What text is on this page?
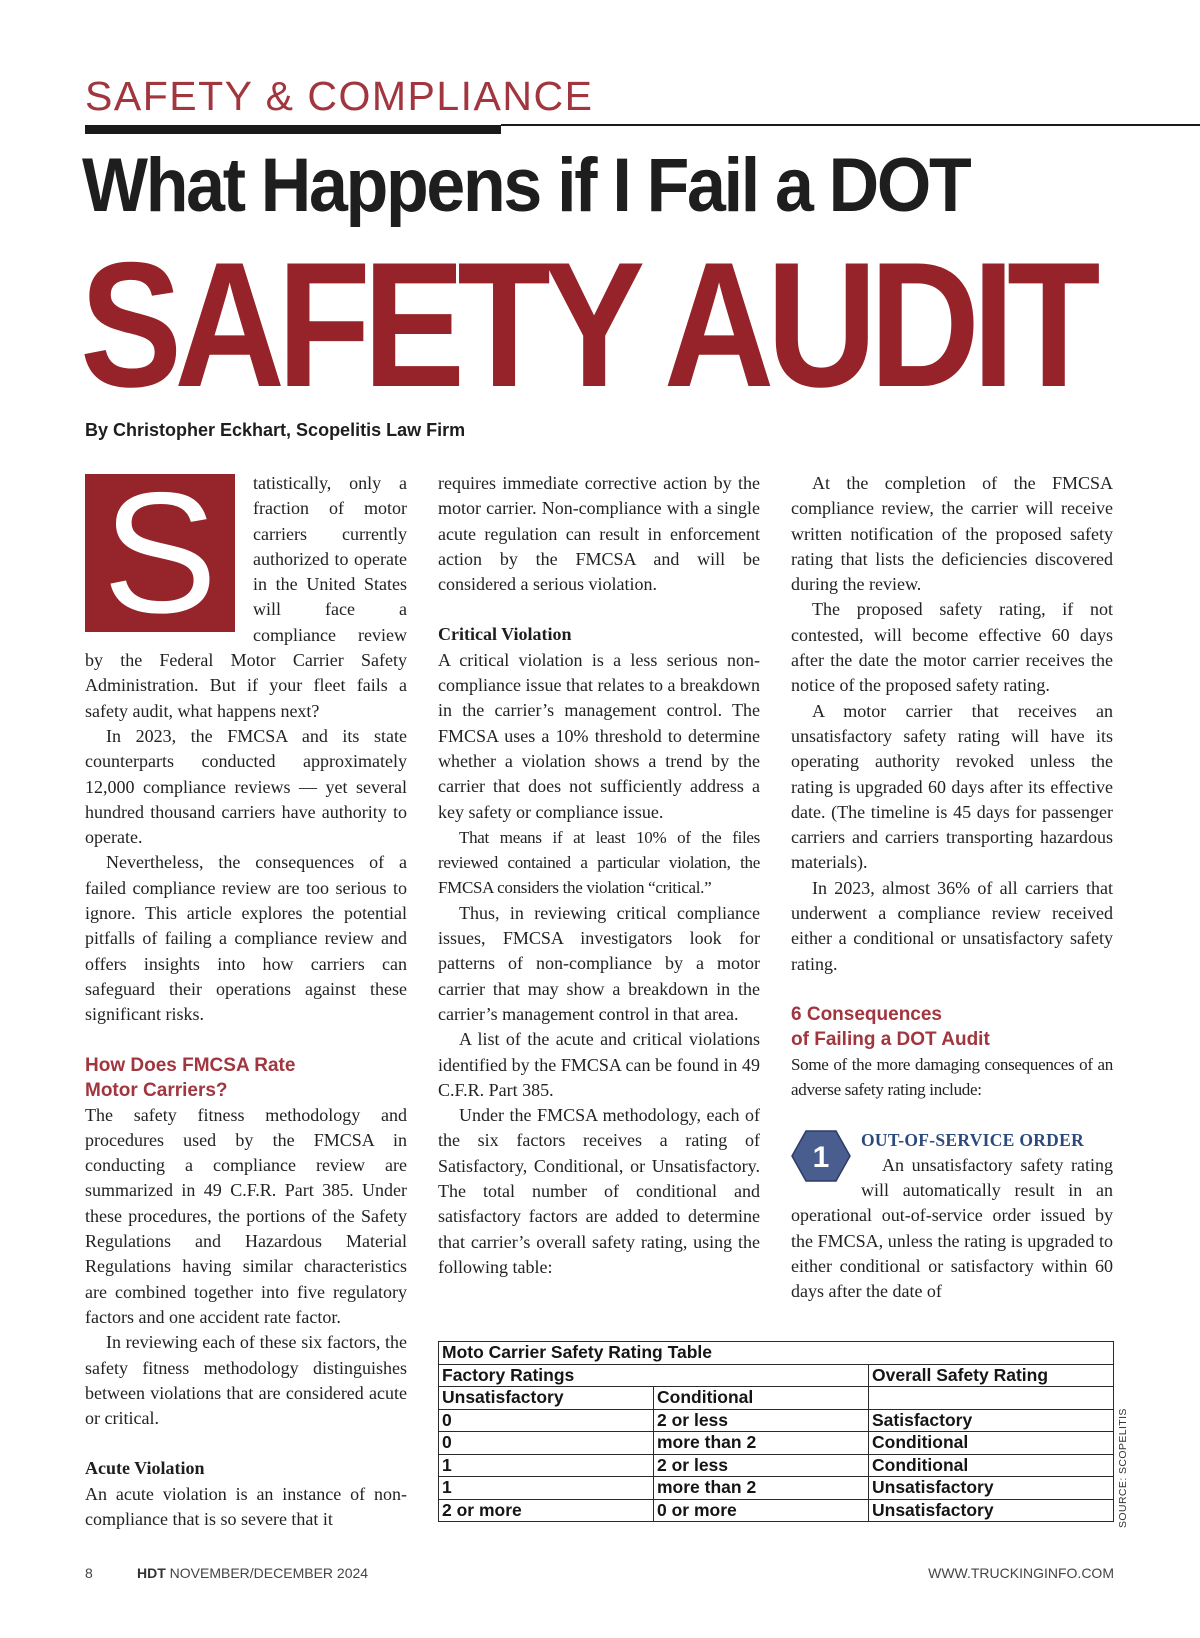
SAFETY & COMPLIANCE
What Happens if I Fail a DOT
SAFETY AUDIT
By Christopher Eckhart, Scopelitis Law Firm

S	tatistically, only a fraction of motor carriers currently authorized to operate in the United States will face a compliance review by the Federal Motor Carrier Safety Administration. But if your fleet fails a safety audit, what happens next?

In 2023, the FMCSA and its state counterparts conducted approximately 12,000 compliance reviews — yet several hundred thousand carriers have authority to operate.

Nevertheless, the consequences of a failed compliance review are too serious to ignore. This article explores the potential pitfalls of failing a compliance review and offers insights into how carriers can safeguard their operations against these significant risks.

How Does FMCSA Rate
Motor Carriers?

The safety fitness methodology and procedures used by the FMCSA in conducting a compliance review are summarized in 49 C.F.R. Part 385. Under these procedures, the portions of the Safety Regulations and Hazardous Material Regulations having similar characteristics are combined together into five regulatory factors and one accident rate factor.

In reviewing each of these six factors, the safety fitness methodology distinguishes between violations that are considered acute or critical.

Acute Violation

An acute violation is an instance of non-compliance that is so severe that it

requires immediate corrective action by the motor carrier. Non-compliance with a single acute regulation can result in enforcement action by the FMCSA and will be considered a serious violation.

Critical Violation

A critical violation is a less serious non-compliance issue that relates to a breakdown in the carrier’s management control. The FMCSA uses a 10% threshold to determine whether a violation shows a trend by the carrier that does not sufficiently address a key safety or compliance issue.

That means if at least 10% of the files reviewed contained a particular violation, the FMCSA considers the violation “critical.”

Thus, in reviewing critical compliance issues, FMCSA investigators look for patterns of non-compliance by a motor carrier that may show a breakdown in the carrier’s management control in that area.

A list of the acute and critical violations identified by the FMCSA can be found in 49 C.F.R. Part 385.

Under the FMCSA methodology, each of the six factors receives a rating of Satisfactory, Conditional, or Unsatisfactory. The total number of conditional and satisfactory factors are added to determine that carrier’s overall safety rating, using the following table:

At the completion of the FMCSA compliance review, the carrier will receive written notification of the proposed safety rating that lists the deficiencies discovered during the review.

The proposed safety rating, if not contested, will become effective 60 days after the date the motor carrier receives the notice of the proposed safety rating.

A motor carrier that receives an unsatisfactory safety rating will have its operating authority revoked unless the rating is upgraded 60 days after its effective date. (The timeline is 45 days for passenger carriers and carriers transporting hazardous materials).

In 2023, almost 36% of all carriers that underwent a compliance review received either a conditional or unsatisfactory safety rating.

6 Consequences
of Failing a DOT Audit

Some of the more damaging consequences of an adverse safety rating include:

1
OUT-OF-SERVICE ORDER

An unsatisfactory safety rating will automatically result in an operational out-of-service order issued by the FMCSA, unless the rating is upgraded to either conditional or satisfactory within 60 days after the date of

Moto Carrier Safety Rating Table		
Factory Ratings		Overall Safety Rating
Unsatisfactory	Conditional	
0	2 or less	Satisfactory
0	more than 2	Conditional
1	2 or less	Conditional
1	more than 2	Unsatisfactory
2 or more	0 or more	Unsatisfactory	SOURCE: SCOPELITIS
8	HDT NOVEMBER/DECEMBER 2024	WWW.TRUCKINGINFO.COM
